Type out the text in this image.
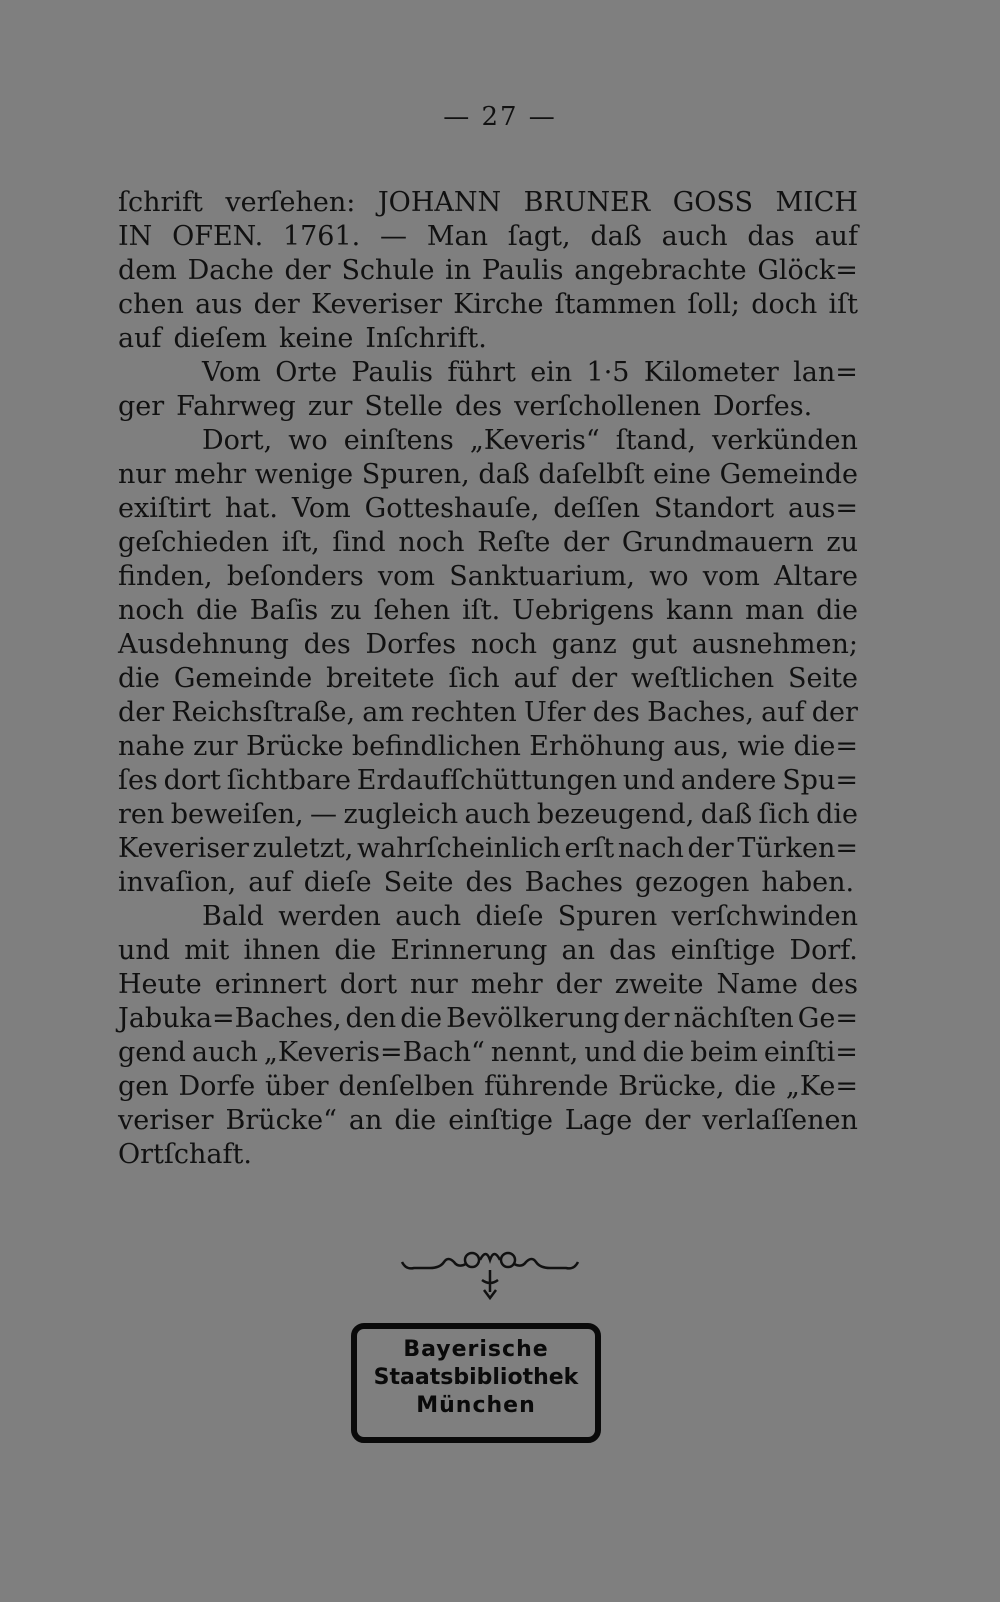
— 27 —
ſchrift verſehen: JOHANN BRUNER GOSS MICH
IN OFEN. 1761. — Man ſagt, daß auch das auf
dem Dache der Schule in Paulis angebrachte Glöck=
chen aus der Keveriser Kirche ſtammen ſoll; doch iſt
auf dieſem keine Inſchrift.
Vom Orte Paulis führt ein 1·5 Kilometer lan=
ger Fahrweg zur Stelle des verſchollenen Dorfes.
Dort, wo einſtens „Keveris“ ſtand, verkünden
nur mehr wenige Spuren, daß daſelbſt eine Gemeinde
exiſtirt hat. Vom Gotteshauſe, deſſen Standort aus=
geſchieden iſt, ſind noch Reſte der Grundmauern zu
finden, beſonders vom Sanktuarium, wo vom Altare
noch die Baſis zu ſehen iſt. Uebrigens kann man die
Ausdehnung des Dorfes noch ganz gut ausnehmen;
die Gemeinde breitete ſich auf der weſtlichen Seite
der Reichsſtraße, am rechten Ufer des Baches, auf der
nahe zur Brücke befindlichen Erhöhung aus, wie die=
ſes dort ſichtbare Erdaufſchüttungen und andere Spu=
ren beweiſen, — zugleich auch bezeugend, daß ſich die
Keveriser zuletzt, wahrſcheinlich erſt nach der Türken=
invaſion, auf dieſe Seite des Baches gezogen haben.
Bald werden auch dieſe Spuren verſchwinden
und mit ihnen die Erinnerung an das einſtige Dorf.
Heute erinnert dort nur mehr der zweite Name des
Jabuka=Baches, den die Bevölkerung der nächſten Ge=
gend auch „Keveris=Bach“ nennt, und die beim einſti=
gen Dorfe über denſelben führende Brücke, die „Ke=
veriser Brücke“ an die einſtige Lage der verlaſſenen
Ortſchaft.
Bayerische
Staatsbibliothek
München
